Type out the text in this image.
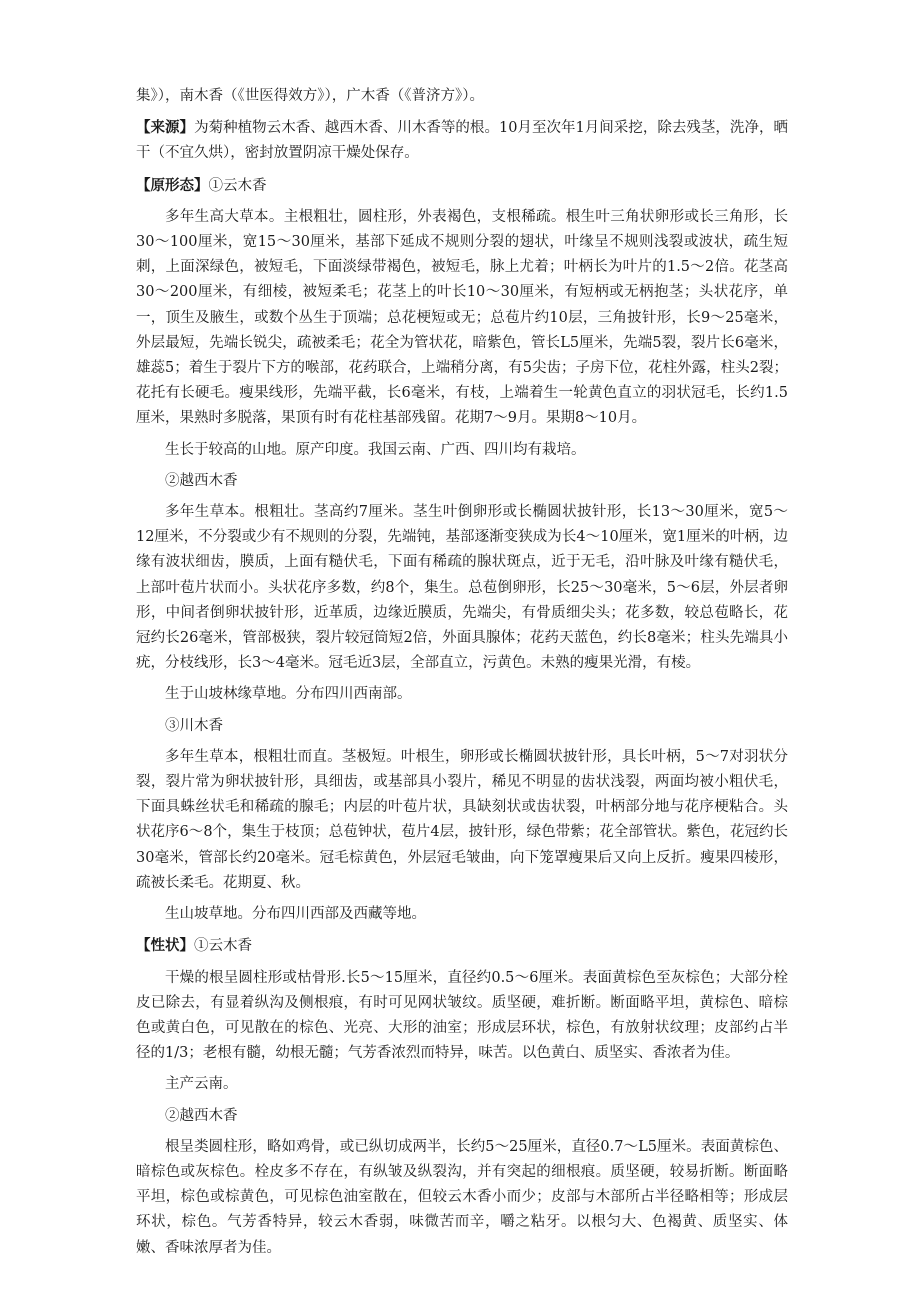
集》），南木香（《世医得效方》），广木香（《普济方》）。

【来源】为菊种植物云木香、越西木香、川木香等的根。10月至次年1月间采挖，除去残茎，洗净，晒干（不宜久烘），密封放置阴凉干燥处保存。

【原形态】①云木香

多年生高大草本。主根粗壮，圆柱形，外表褐色，支根稀疏。根生叶三角状卵形或长三角形，长30～100厘米，宽15～30厘米，基部下延成不规则分裂的翅状，叶缘呈不规则浅裂或波状，疏生短刺，上面深绿色，被短毛，下面淡绿带褐色，被短毛，脉上尤着；叶柄长为叶片的1.5～2倍。花茎高30～200厘米，有细棱，被短柔毛；花茎上的叶长10～30厘米，有短柄或无柄抱茎；头状花序，单一，顶生及腋生，或数个丛生于顶端；总花梗短或无；总苞片约10层，三角披针形，长9～25毫米，外层最短，先端长锐尖，疏被柔毛；花全为管状花，暗紫色，管长L5厘米，先端5裂，裂片长6毫米，雄蕊5；着生于裂片下方的喉部，花药联合，上端稍分离，有5尖齿；子房下位，花柱外露，柱头2裂；花托有长硬毛。瘦果线形，先端平截，长6毫米，有枝，上端着生一轮黄色直立的羽状冠毛，长约1.5厘米，果熟时多脱落，果顶有时有花柱基部残留。花期7～9月。果期8～10月。

生长于较高的山地。原产印度。我国云南、广西、四川均有栽培。

②越西木香

多年生草本。根粗壮。茎高约7厘米。茎生叶倒卵形或长椭圆状披针形，长13～30厘米，宽5～12厘米，不分裂或少有不规则的分裂，先端钝，基部逐渐变狭成为长4～10厘米，宽1厘米的叶柄，边缘有波状细齿，膜质，上面有糙伏毛，下面有稀疏的腺状斑点，近于无毛，沿叶脉及叶缘有糙伏毛，上部叶苞片状而小。头状花序多数，约8个，集生。总苞倒卵形，长25～30毫米，5～6层，外层者卵形，中间者倒卵状披针形，近革质，边缘近膜质，先端尖，有骨质细尖头；花多数，较总苞略长，花冠约长26毫米，管部极狭，裂片较冠筒短2倍，外面具腺体；花药天蓝色，约长8毫米；柱头先端具小疣，分枝线形，长3～4毫米。冠毛近3层，全部直立，污黄色。未熟的瘦果光滑，有棱。

生于山坡林缘草地。分布四川西南部。

③川木香

多年生草本，根粗壮而直。茎极短。叶根生，卵形或长椭圆状披针形，具长叶柄，5～7对羽状分裂，裂片常为卵状披针形，具细齿，或基部具小裂片，稀见不明显的齿状浅裂，两面均被小粗伏毛，下面具蛛丝状毛和稀疏的腺毛；内层的叶苞片状，具缺刻状或齿状裂，叶柄部分地与花序梗粘合。头状花序6～8个，集生于枝顶；总苞钟状，苞片4层，披针形，绿色带紫；花全部管状。紫色，花冠约长30毫米，管部长约20毫米。冠毛棕黄色，外层冠毛皱曲，向下笼罩瘦果后又向上反折。瘦果四棱形，疏被长柔毛。花期夏、秋。

生山坡草地。分布四川西部及西藏等地。

【性状】①云木香

干燥的根呈圆柱形或枯骨形.长5～15厘米，直径约0.5～6厘米。表面黄棕色至灰棕色；大部分栓皮已除去，有显着纵沟及侧根痕，有时可见网状皱纹。质坚硬，难折断。断面略平坦，黄棕色、暗棕色或黄白色，可见散在的棕色、光亮、大形的油室；形成层环状，棕色，有放射状纹理；皮部约占半径的1/3；老根有髓，幼根无髓；气芳香浓烈而特异，味苦。以色黄白、质坚实、香浓者为佳。

主产云南。

②越西木香

根呈类圆柱形，略如鸡骨，或已纵切成两半，长约5～25厘米，直径0.7～L5厘米。表面黄棕色、暗棕色或灰棕色。栓皮多不存在，有纵皱及纵裂沟，并有突起的细根痕。质坚硬，较易折断。断面略平坦，棕色或棕黄色，可见棕色油室散在，但较云木香小而少；皮部与木部所占半径略相等；形成层环状，棕色。气芳香特异，较云木香弱，味微苦而辛，嚼之粘牙。以根匀大、色褐黄、质坚实、体嫩、香味浓厚者为佳。
